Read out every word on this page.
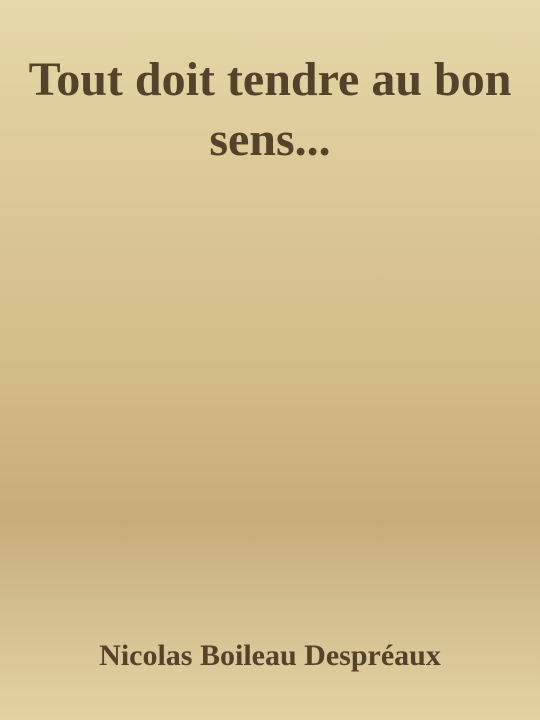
Tout doit tendre au bon sens...

Nicolas Boileau Despréaux
